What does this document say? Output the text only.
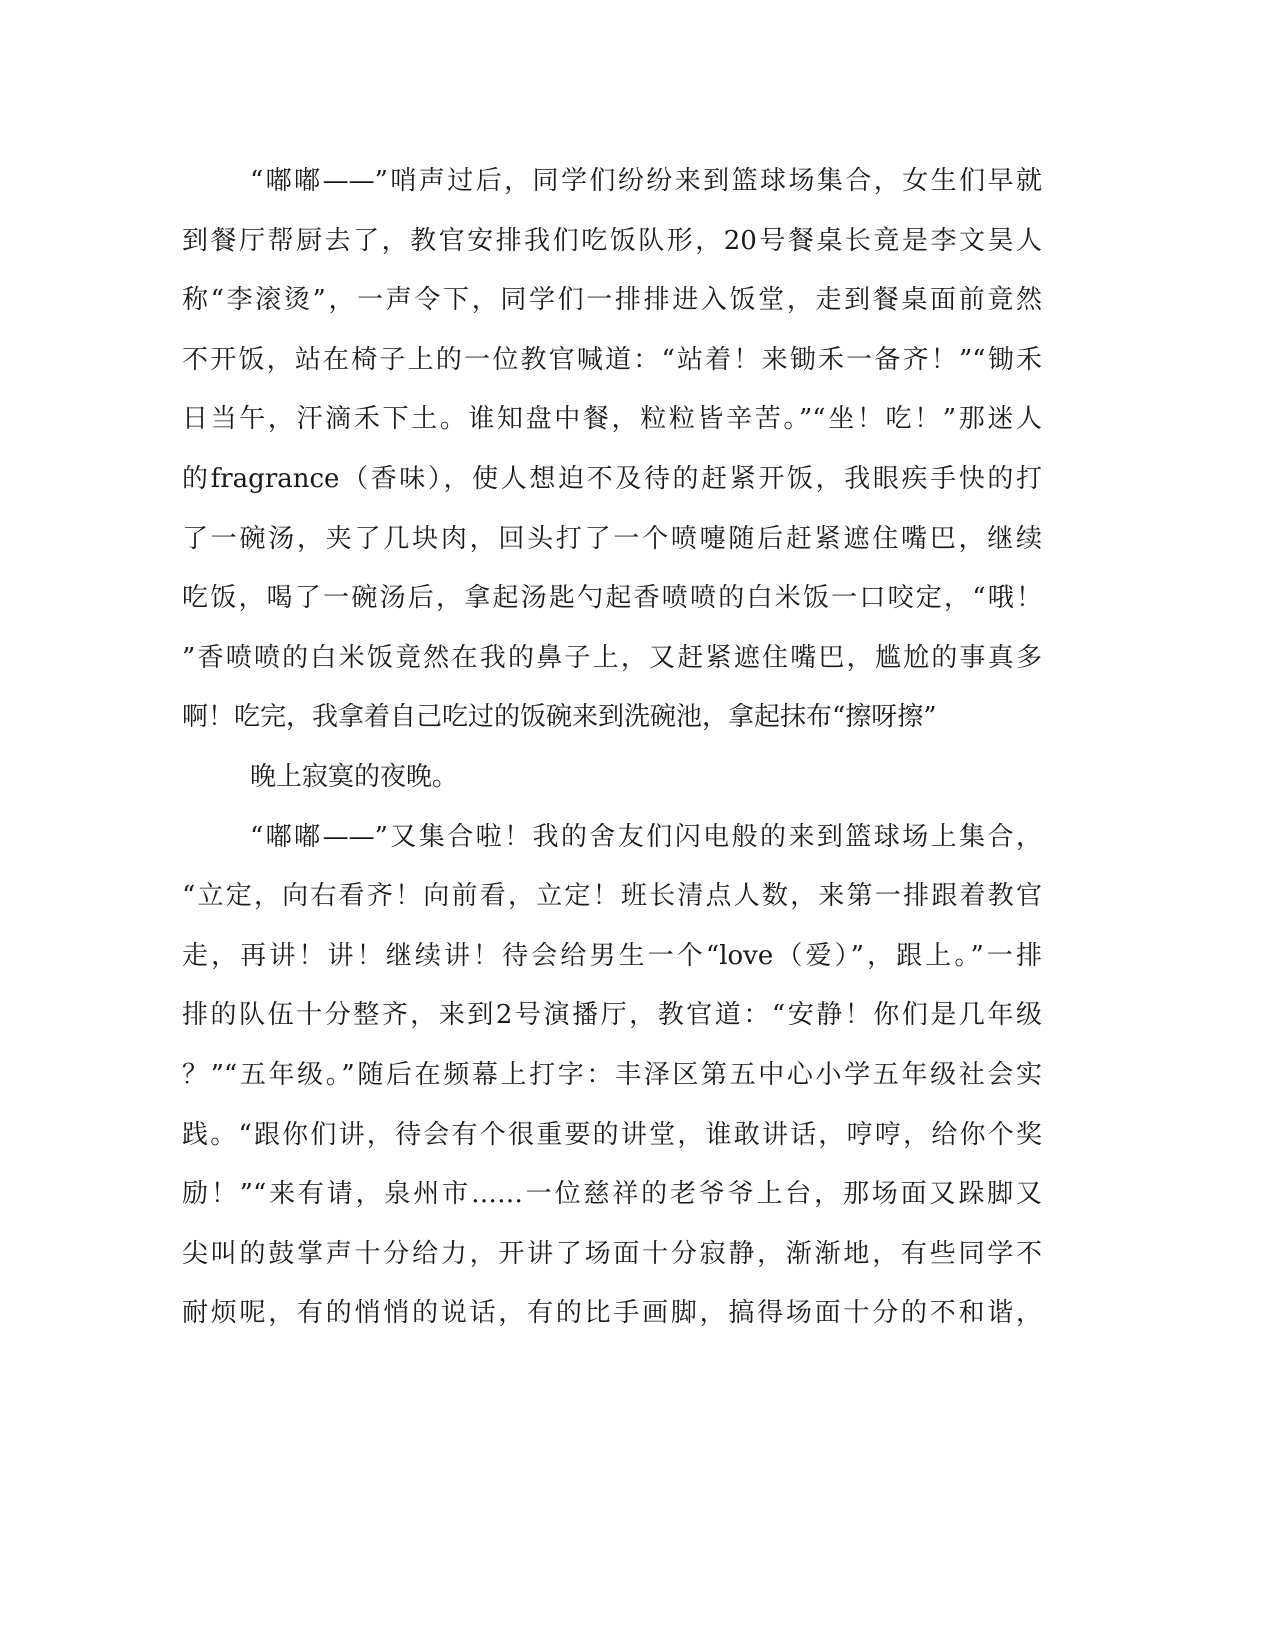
“嘟嘟——”哨声过后，同学们纷纷来到篮球场集合，女生们早就
到餐厅帮厨去了，教官安排我们吃饭队形，20号餐桌长竟是李文昊人
称“李滚烫”，一声令下，同学们一排排进入饭堂，走到餐桌面前竟然
不开饭，站在椅子上的一位教官喊道：“站着！来锄禾一备齐！”“锄禾
日当午，汗滴禾下土。谁知盘中餐，粒粒皆辛苦。”“坐！吃！”那迷人
的fragrance（香味），使人想迫不及待的赶紧开饭，我眼疾手快的打
了一碗汤，夹了几块肉，回头打了一个喷嚏随后赶紧遮住嘴巴，继续
吃饭，喝了一碗汤后，拿起汤匙勺起香喷喷的白米饭一口咬定，“哦！
”香喷喷的白米饭竟然在我的鼻子上，又赶紧遮住嘴巴，尴尬的事真多
啊！吃完，我拿着自己吃过的饭碗来到洗碗池，拿起抹布“擦呀擦”
晚上寂寞的夜晚。
“嘟嘟——”又集合啦！我的舍友们闪电般的来到篮球场上集合，
“立定，向右看齐！向前看，立定！班长清点人数，来第一排跟着教官
走，再讲！讲！继续讲！待会给男生一个“love（爱）”，跟上。”一排
排的队伍十分整齐，来到2号演播厅，教官道：“安静！你们是几年级
？”“五年级。”随后在频幕上打字：丰泽区第五中心小学五年级社会实
践。“跟你们讲，待会有个很重要的讲堂，谁敢讲话，哼哼，给你个奖
励！”“来有请，泉州市……一位慈祥的老爷爷上台，那场面又跺脚又
尖叫的鼓掌声十分给力，开讲了场面十分寂静，渐渐地，有些同学不
耐烦呢，有的悄悄的说话，有的比手画脚，搞得场面十分的不和谐，
